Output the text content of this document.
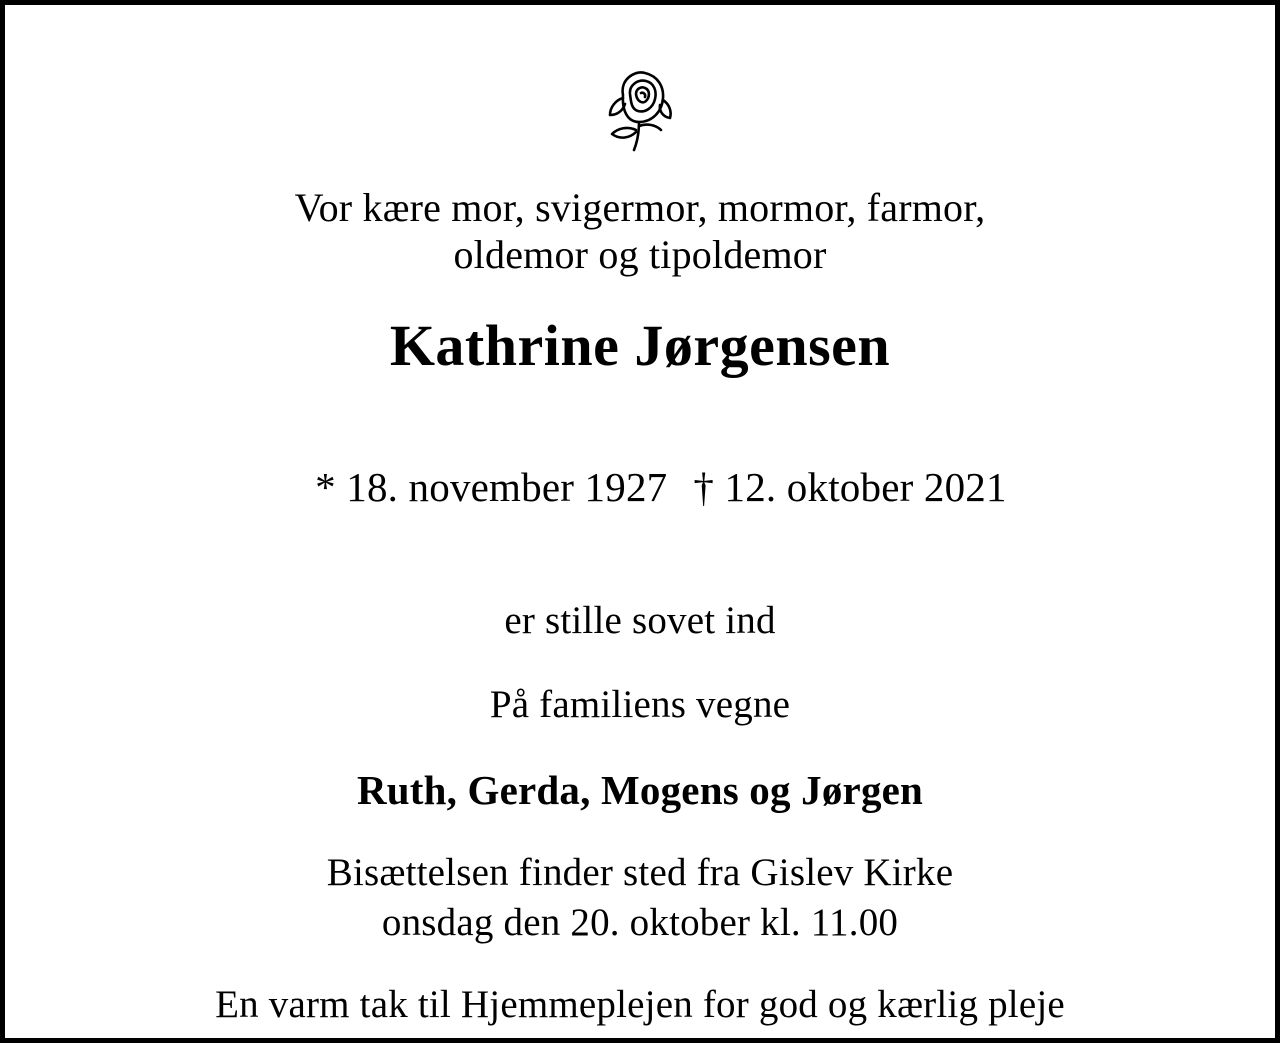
Vor kære mor, svigermor, mormor, farmor,
oldemor og tipoldemor
Kathrine Jørgensen

* 18. november 1927 † 12. oktober 2021

er stille sovet ind
På familiens vegne
Ruth, Gerda, Mogens og Jørgen
Bisættelsen finder sted fra Gislev Kirke
onsdag den 20. oktober kl. 11.00
En varm tak til Hjemmeplejen for god og kærlig pleje
